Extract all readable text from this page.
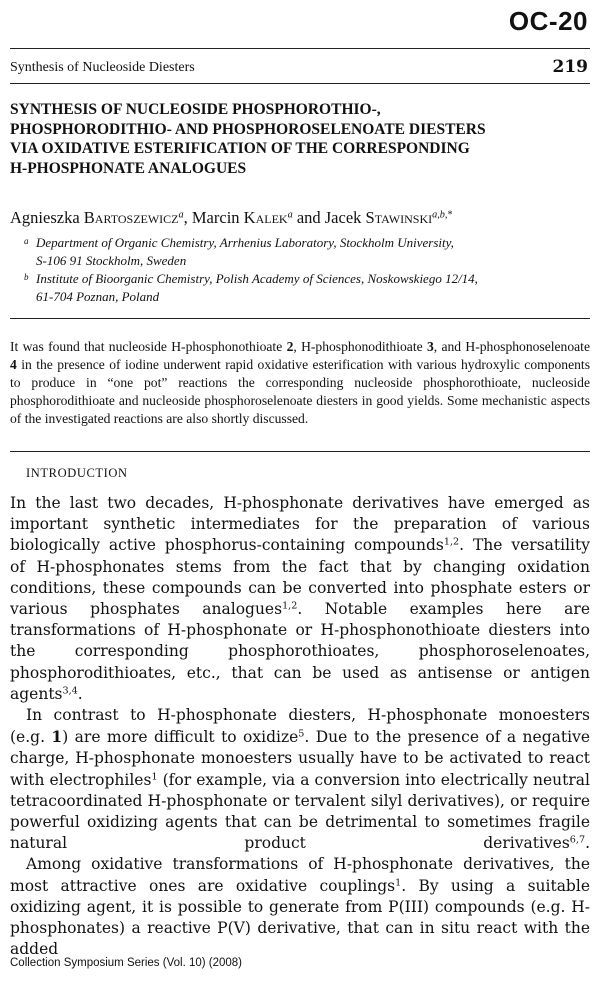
OC-20
Synthesis of Nucleoside Diesters	219
SYNTHESIS OF NUCLEOSIDE PHOSPHOROTHIO-,
PHOSPHORODITHIO- AND PHOSPHOROSELENOATE DIESTERS
VIA OXIDATIVE ESTERIFICATION OF THE CORRESPONDING
H-PHOSPHONATE ANALOGUES
Agnieszka Bartoszewicz$^a$, Marcin Kalek$^a$ and Jacek Stawinski$^{a,b,*}$
a Department of Organic Chemistry, Arrhenius Laboratory, Stockholm University,
S-106 91 Stockholm, Sweden
b Institute of Bioorganic Chemistry, Polish Academy of Sciences, Noskowskiego 12/14,
61-704 Poznan, Poland
It was found that nucleoside H-phosphonothioate 2, H-phosphonodithioate 3, and H-phosphonoselenoate 4 in the presence of iodine underwent rapid oxidative esterification with various hydroxylic components to produce in “one pot” reactions the corresponding nucleoside phosphorothioate, nucleoside phosphorodithioate and nucleoside phosphoroselenoate diesters in good yields. Some mechanistic aspects of the investigated reactions are also shortly discussed.
INTRODUCTION

In the last two decades, H-phosphonate derivatives have emerged as important synthetic intermediates for the preparation of various biologically active phosphorus-containing compounds$^{1,2}$. The versatility of H-phosphonates stems from the fact that by changing oxidation conditions, these compounds can be converted into phosphate esters or various phosphates analogues$^{1,2}$. Notable examples here are transformations of H-phosphonate or H-phosphonothioate diesters into the corresponding phosphorothioates, phosphoroselenoates, phosphorodithioates, etc., that can be used as antisense or antigen agents$^{3,4}$.

In contrast to H-phosphonate diesters, H-phosphonate monoesters (e.g. 1) are more difficult to oxidize$^5$. Due to the presence of a negative charge, H-phosphonate monoesters usually have to be activated to react with electrophiles$^1$ (for example, via a conversion into electrically neutral tetracoordinated H-phosphonate or tervalent silyl derivatives), or require powerful oxidizing agents that can be detrimental to sometimes fragile natural product derivatives$^{6,7}$.

Among oxidative transformations of H-phosphonate derivatives, the most attractive ones are oxidative couplings$^1$. By using a suitable oxidizing agent, it is possible to generate from P(III) compounds (e.g. H-phosphonates) a reactive P(V) derivative, that can in situ react with the added

Collection Symposium Series (Vol. 10) (2008)
